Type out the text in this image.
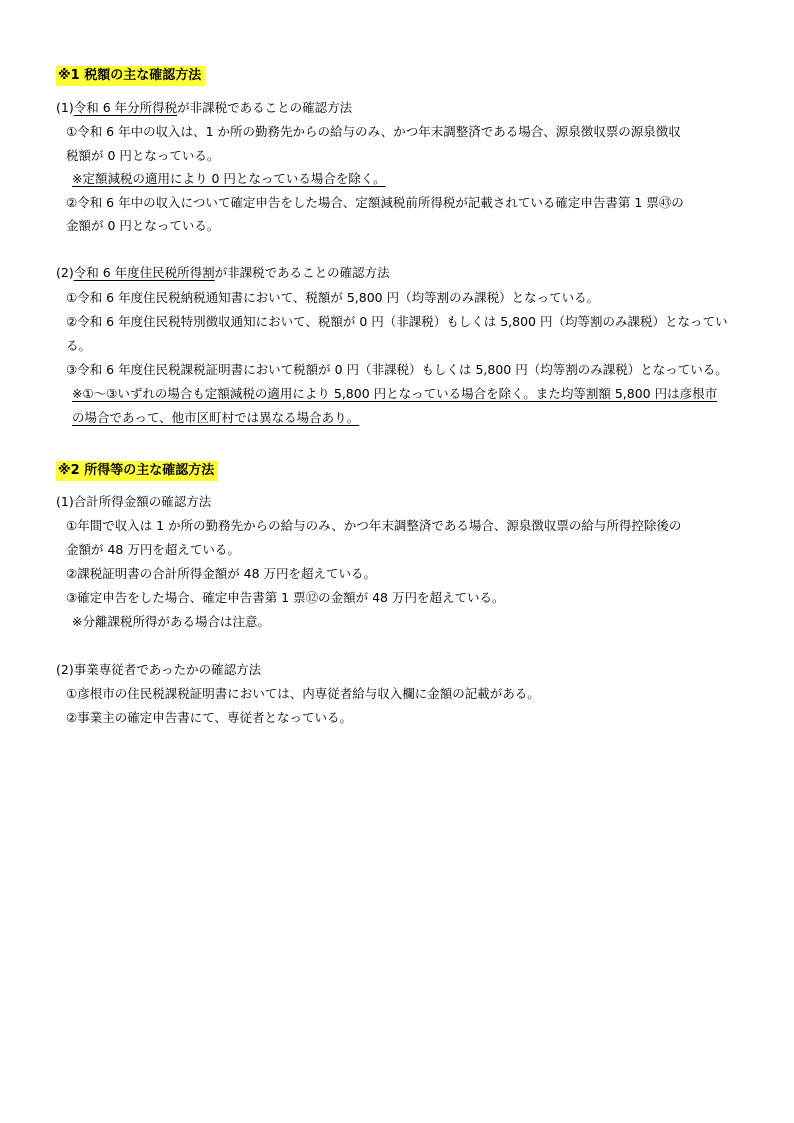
※1 税額の主な確認方法
(1)令和 6 年分所得税が非課税であることの確認方法
①令和 6 年中の収入は、1 か所の勤務先からの給与のみ、かつ年末調整済である場合、源泉徴収票の源泉徴収
税額が 0 円となっている。
※定額減税の適用により 0 円となっている場合を除く。
②令和 6 年中の収入について確定申告をした場合、定額減税前所得税が記載されている確定申告書第 1 票㊸の
金額が 0 円となっている。
(2)令和 6 年度住民税所得割が非課税であることの確認方法
①令和 6 年度住民税納税通知書において、税額が 5,800 円（均等割のみ課税）となっている。
②令和 6 年度住民税特別徴収通知において、税額が 0 円（非課税）もしくは 5,800 円（均等割のみ課税）となってい
る。
③令和 6 年度住民税課税証明書において税額が 0 円（非課税）もしくは 5,800 円（均等割のみ課税）となっている。
※①～③いずれの場合も定額減税の適用により 5,800 円となっている場合を除く。また均等割額 5,800 円は彦根市
の場合であって、他市区町村では異なる場合あり。
※2 所得等の主な確認方法
(1)合計所得金額の確認方法
①年間で収入は 1 か所の勤務先からの給与のみ、かつ年末調整済である場合、源泉徴収票の給与所得控除後の
金額が 48 万円を超えている。
②課税証明書の合計所得金額が 48 万円を超えている。
③確定申告をした場合、確定申告書第 1 票⑫の金額が 48 万円を超えている。
※分離課税所得がある場合は注意。
(2)事業専従者であったかの確認方法
①彦根市の住民税課税証明書においては、内専従者給与収入欄に金額の記載がある。
②事業主の確定申告書にて、専従者となっている。
